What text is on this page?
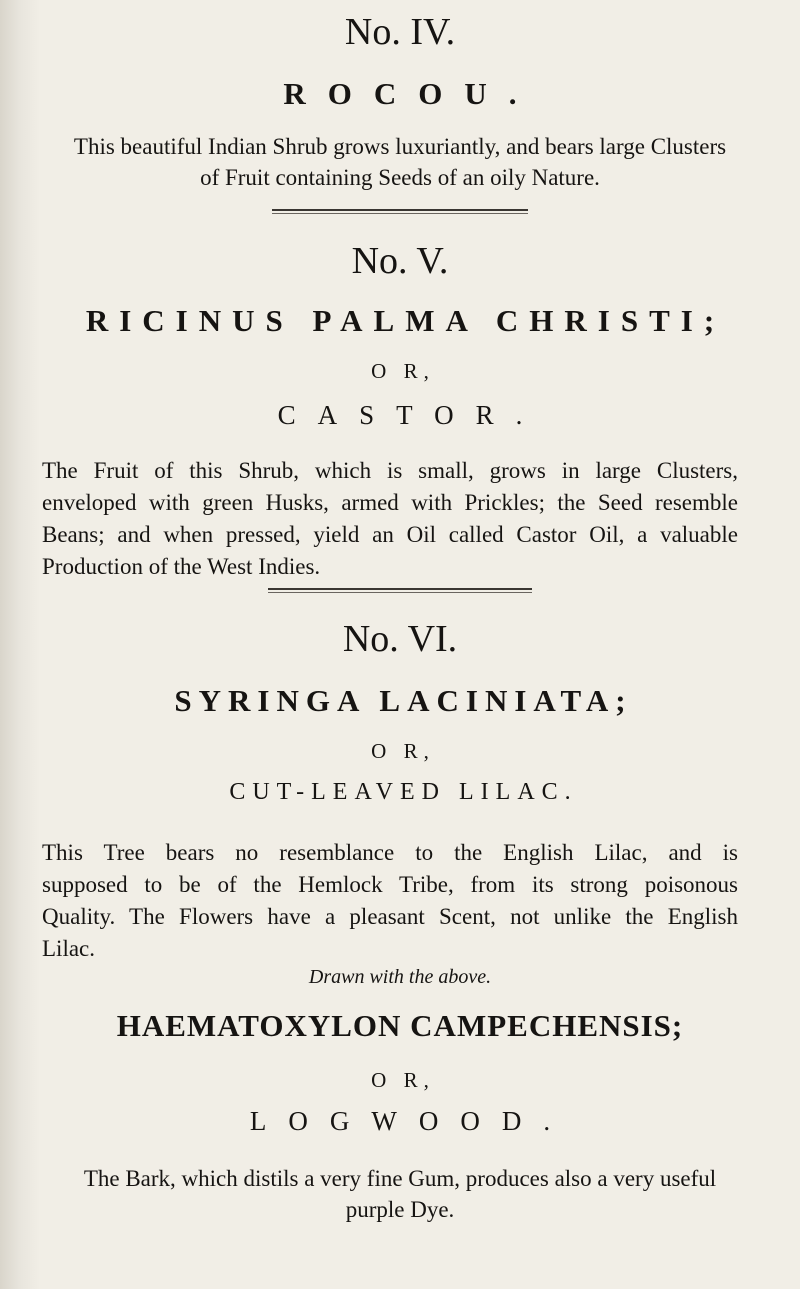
No. IV.

ROCOU.

This beautiful Indian Shrub grows luxuriantly, and bears large Clusters

of Fruit containing Seeds of an oily Nature.

No. V.

RICINUS PALMA CHRISTI;

O R,

CASTOR.

The Fruit of this Shrub, which is small, grows in large Clusters,
enveloped with green Husks, armed with Prickles; the Seed resemble
Beans; and when pressed, yield an Oil called Castor Oil, a valuable
Production of the West Indies.

No. VI.

SYRINGA LACINIATA;

O R,

CUT-LEAVED LILAC.

This Tree bears no resemblance to the English Lilac, and is
supposed to be of the Hemlock Tribe, from its strong poisonous
Quality. The Flowers have a pleasant Scent, not unlike the English
Lilac.

Drawn with the above.

HAEMATOXYLON CAMPECHENSIS;

O R,

LOGWOOD.

The Bark, which distils a very fine Gum, produces also a very useful

purple Dye.
